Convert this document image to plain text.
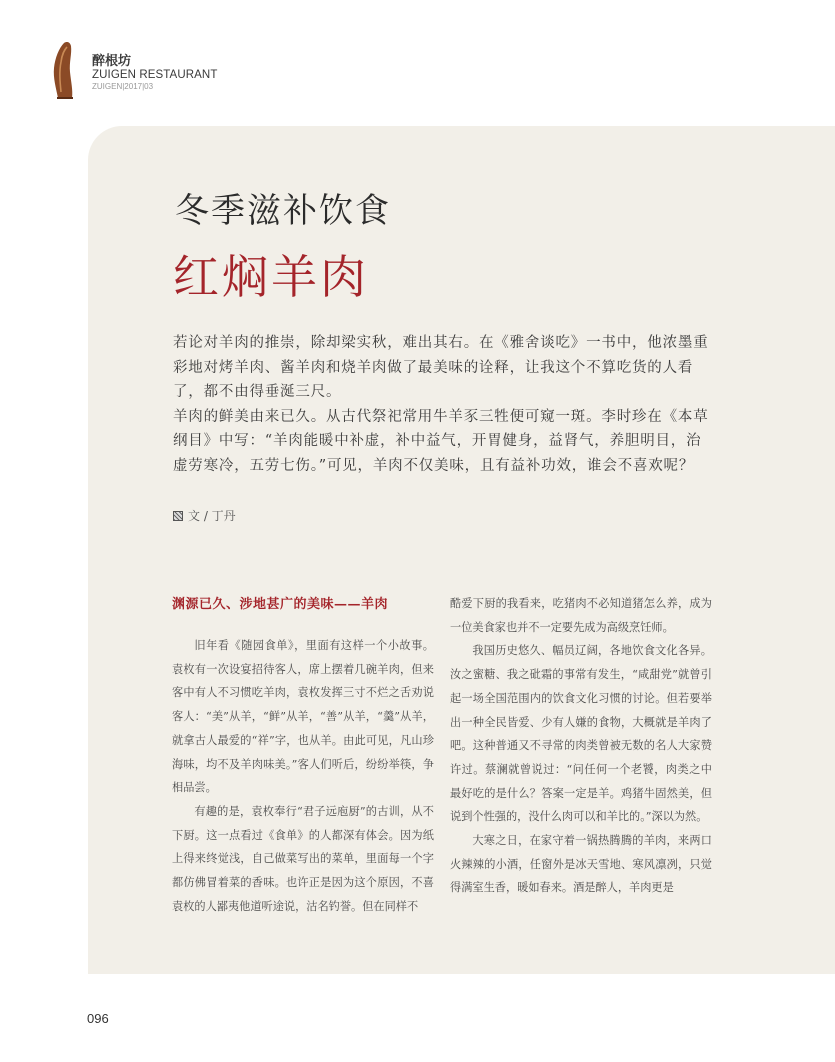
醉根坊
ZUIGEN RESTAURANT
ZUIGEN|2017|03
冬季滋补饮食
红焖羊肉

若论对羊肉的推崇，除却梁实秋，难出其右。在《雅舍谈吃》一书中，他浓墨重彩地对烤羊肉、酱羊肉和烧羊肉做了最美味的诠释，让我这个不算吃货的人看了，都不由得垂涎三尺。

羊肉的鲜美由来已久。从古代祭祀常用牛羊豕三牲便可窥一斑。李时珍在《本草纲目》中写：“羊肉能暖中补虚，补中益气，开胃健身，益肾气，养胆明目，治虚劳寒冷，五劳七伤。”可见，羊肉不仅美味，且有益补功效，谁会不喜欢呢？

文 / 丁丹

渊源已久、涉地甚广的美味——羊肉

旧年看《随园食单》，里面有这样一个小故事。袁枚有一次设宴招待客人，席上摆着几碗羊肉，但来客中有人不习惯吃羊肉，袁枚发挥三寸不烂之舌劝说客人：“美”从羊，“鲜”从羊，“善”从羊，“羹”从羊，就拿古人最爱的“祥”字，也从羊。由此可见，凡山珍海味，均不及羊肉味美。”客人们听后，纷纷举筷，争相品尝。

有趣的是，袁枚奉行“君子远庖厨”的古训，从不下厨。这一点看过《食单》的人都深有体会。因为纸上得来终觉浅，自己做菜写出的菜单，里面每一个字都仿佛冒着菜的香味。也许正是因为这个原因，不喜袁枚的人鄙夷他道听途说，沽名钓誉。但在同样不

酷爱下厨的我看来，吃猪肉不必知道猪怎么养，成为一位美食家也并不一定要先成为高级烹饪师。

我国历史悠久、幅员辽阔，各地饮食文化各异。汝之蜜糖、我之砒霜的事常有发生，“咸甜党”就曾引起一场全国范围内的饮食文化习惯的讨论。但若要举出一种全民皆爱、少有人嫌的食物，大概就是羊肉了吧。这种普通又不寻常的肉类曾被无数的名人大家赞许过。蔡澜就曾说过：“问任何一个老饕，肉类之中最好吃的是什么？答案一定是羊。鸡猪牛固然美，但说到个性强的，没什么肉可以和羊比的。”深以为然。

大寒之日，在家守着一锅热腾腾的羊肉，来两口火辣辣的小酒，任窗外是冰天雪地、寒风凛冽，只觉得满室生香，暖如春来。酒是醉人，羊肉更是

096
